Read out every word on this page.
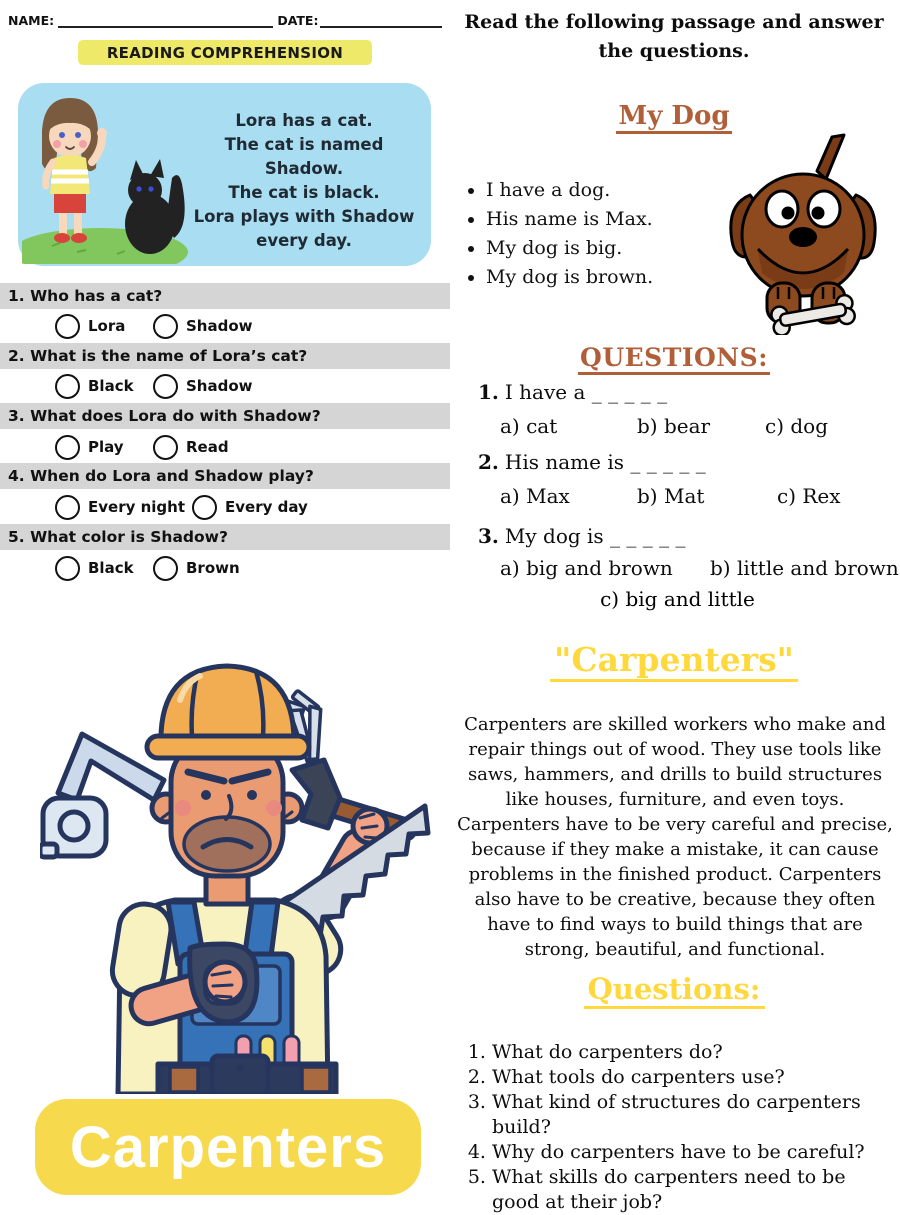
NAME:	DATE:
READING COMPREHENSION
Lora has a cat.
The cat is named Shadow.
The cat is black.
Lora plays with Shadow
every day.
1. Who has a cat?
Lora	Shadow
2. What is the name of Lora’s cat?
Black	Shadow
3. What does Lora do with Shadow?
Play	Read
4. When do Lora and Shadow play?
Every night	Every day
5. What color is Shadow?
Black	Brown
Carpenters
Read the following passage and answer the questions.
My Dog
• I have a dog.
• His name is Max.
• My dog is big.
• My dog is brown.
QUESTIONS:
1. I have a _ _ _ _ _
a) cat	b) bear	c) dog
2. His name is _ _ _ _ _
a) Max	b) Mat	c) Rex
3. My dog is _ _ _ _ _
a) big and brown b) little and brown
c) big and little
"Carpenters"
Carpenters are skilled workers who make and repair things out of wood. They use tools like saws, hammers, and drills to build structures like houses, furniture, and even toys. Carpenters have to be very careful and precise, because if they make a mistake, it can cause problems in the finished product. Carpenters also have to be creative, because they often have to find ways to build things that are strong, beautiful, and functional.
Questions:
1. What do carpenters do?
2. What tools do carpenters use?
3. What kind of structures do carpenters build?
4. Why do carpenters have to be careful?
5. What skills do carpenters need to be good at their job?
